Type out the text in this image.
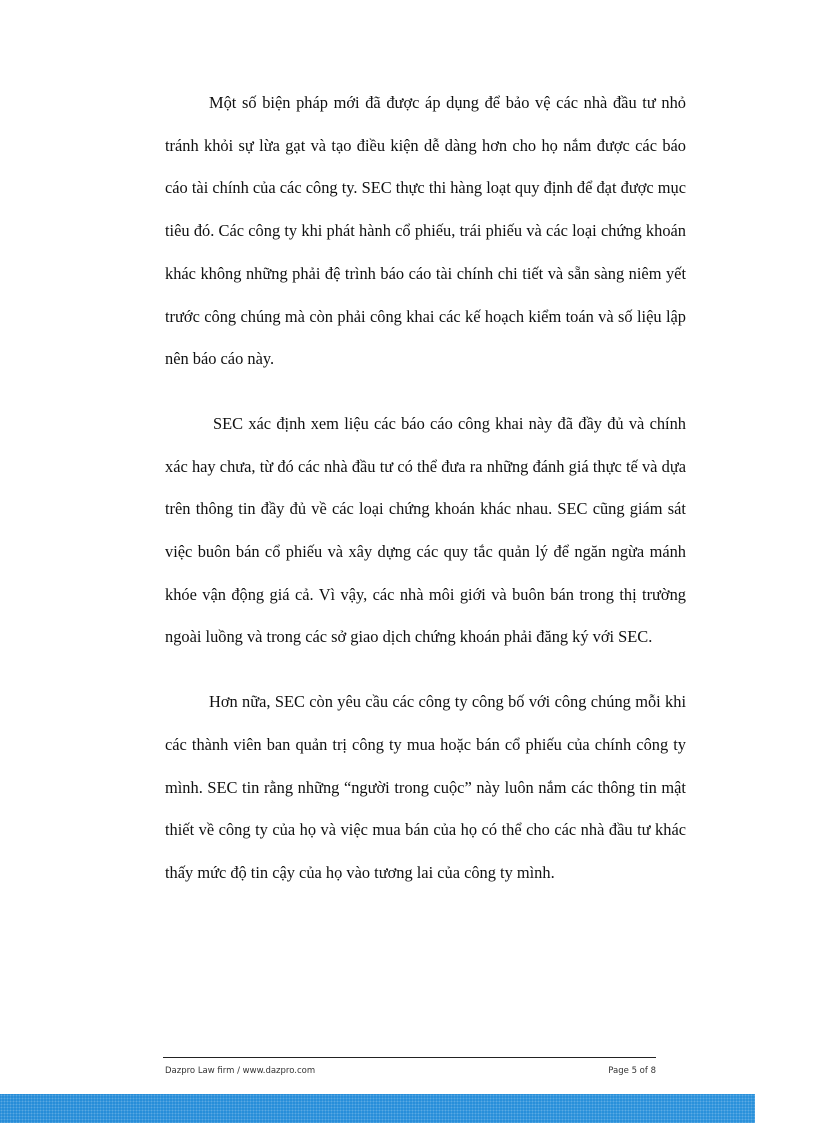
Một số biện pháp mới đã được áp dụng để bảo vệ các nhà đầu tư nhỏ tránh khỏi sự lừa gạt và tạo điều kiện dễ dàng hơn cho họ nắm được các báo cáo tài chính của các công ty. SEC thực thi hàng loạt quy định để đạt được mục tiêu đó. Các công ty khi phát hành cổ phiếu, trái phiếu và các loại chứng khoán khác không những phải đệ trình báo cáo tài chính chi tiết và sẵn sàng niêm yết trước công chúng mà còn phải công khai các kế hoạch kiểm toán và số liệu lập nên báo cáo này.

SEC xác định xem liệu các báo cáo công khai này đã đầy đủ và chính xác hay chưa, từ đó các nhà đầu tư có thể đưa ra những đánh giá thực tế và dựa trên thông tin đầy đủ về các loại chứng khoán khác nhau. SEC cũng giám sát việc buôn bán cổ phiếu và xây dựng các quy tắc quản lý để ngăn ngừa mánh khóe vận động giá cả. Vì vậy, các nhà môi giới và buôn bán trong thị trường ngoài luồng và trong các sở giao dịch chứng khoán phải đăng ký với SEC.

Hơn nữa, SEC còn yêu cầu các công ty công bố với công chúng mỗi khi các thành viên ban quản trị công ty mua hoặc bán cổ phiếu của chính công ty mình. SEC tin rằng những “người trong cuộc” này luôn nắm các thông tin mật thiết về công ty của họ và việc mua bán của họ có thể cho các nhà đầu tư khác thấy mức độ tin cậy của họ vào tương lai của công ty mình.

Dazpro Law firm / www.dazpro.com	Page 5 of 8
